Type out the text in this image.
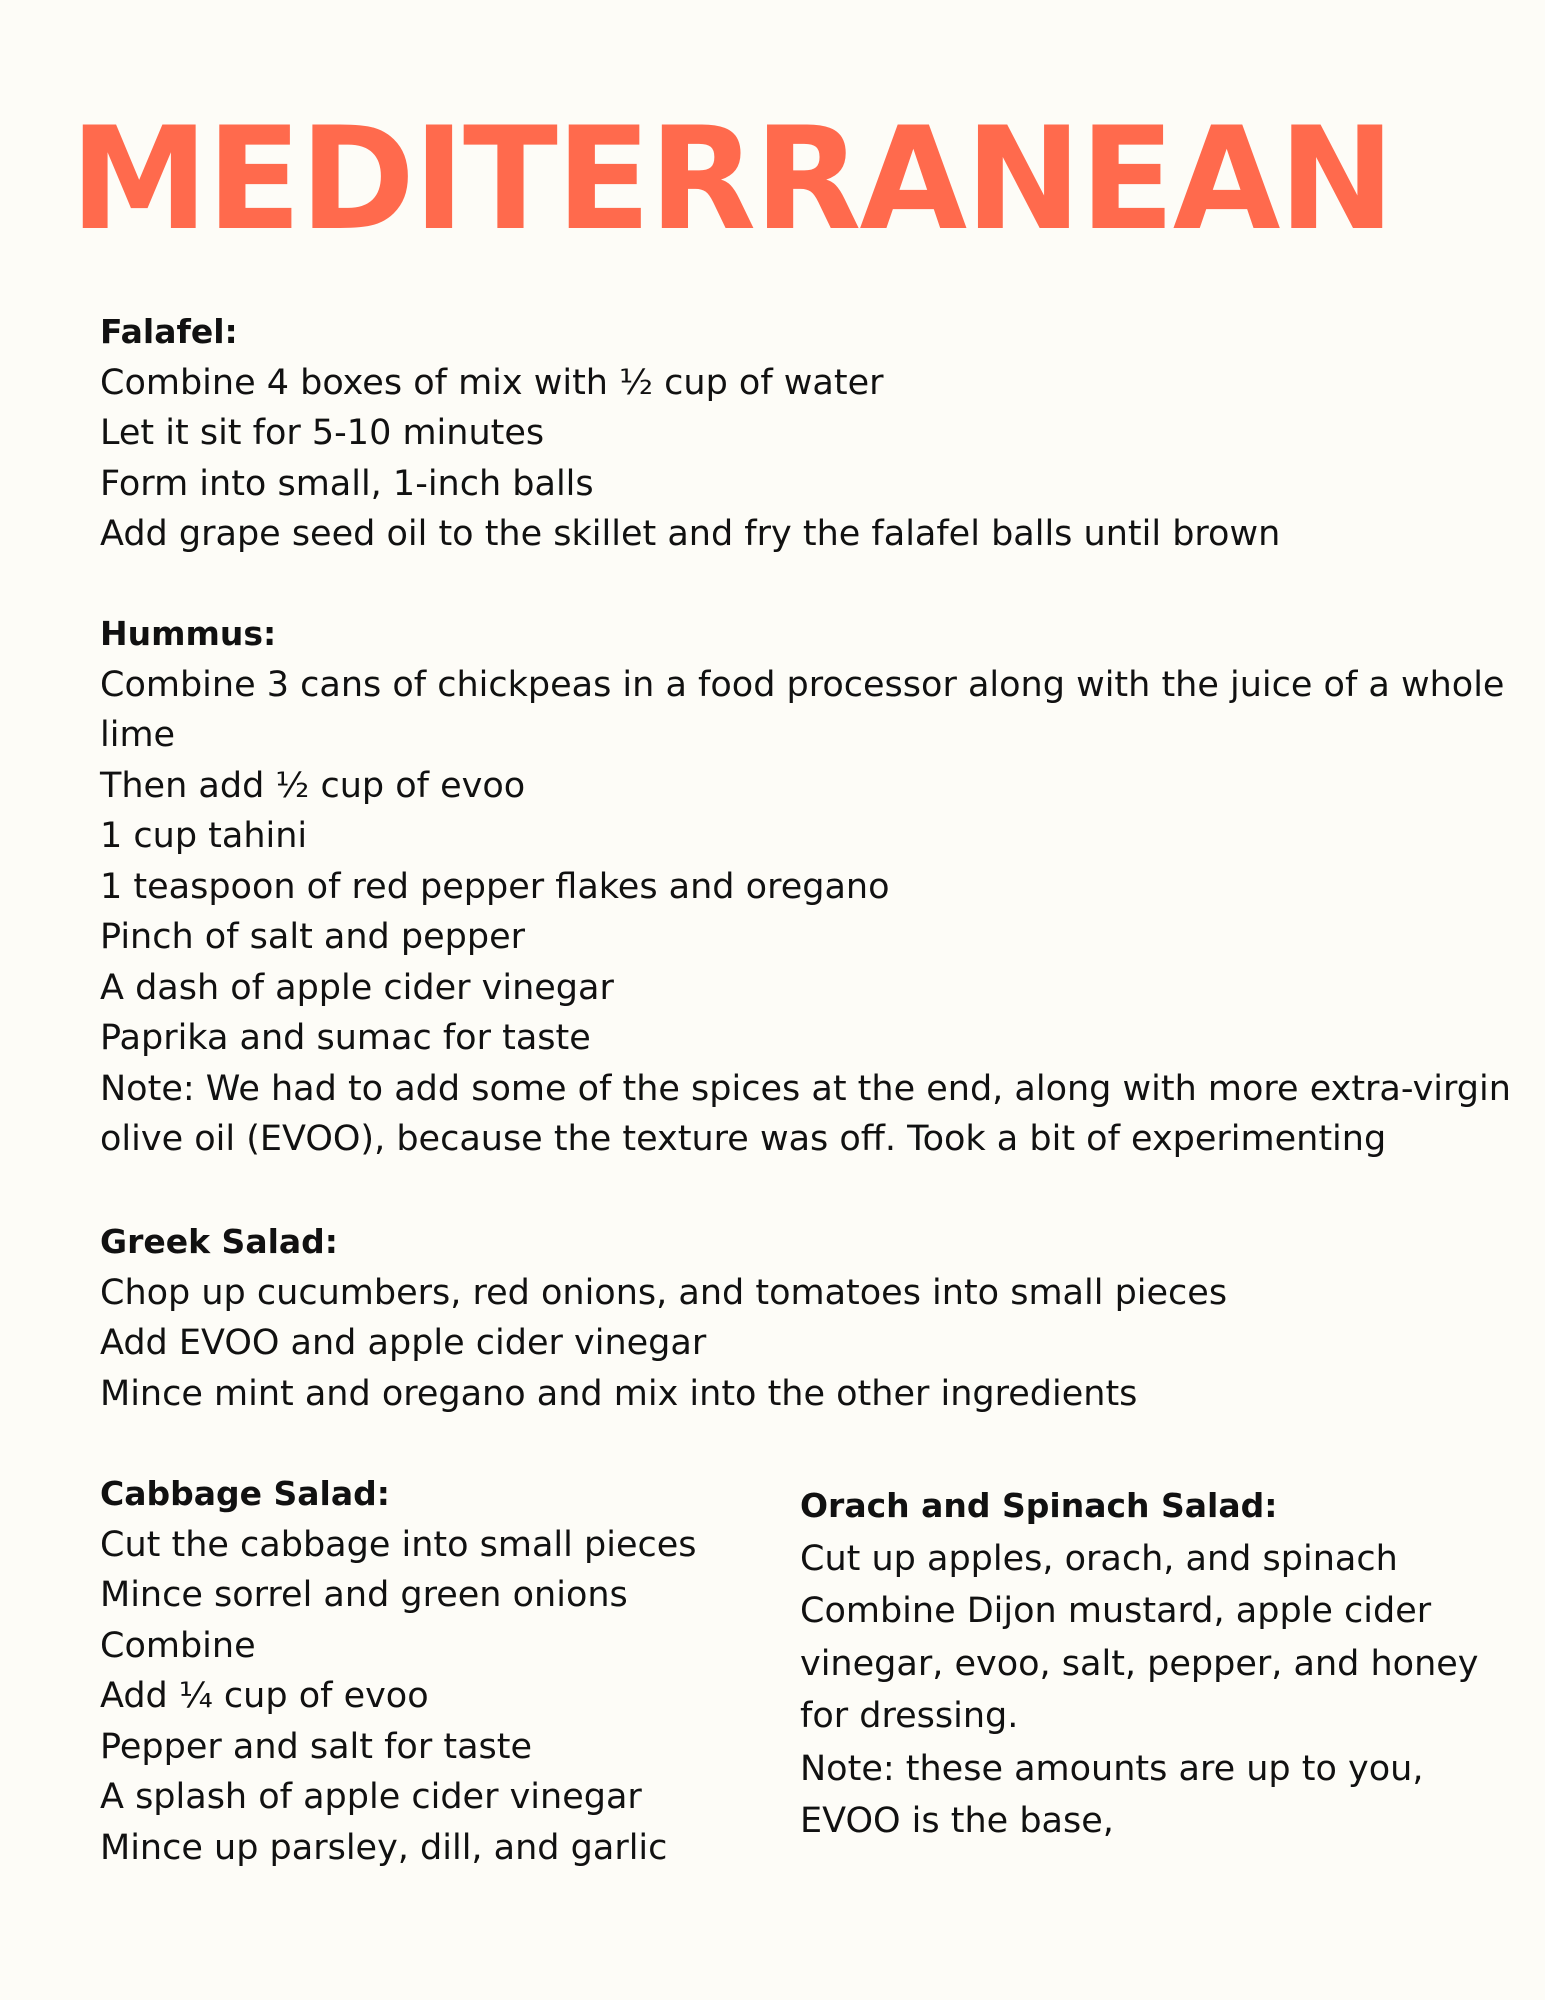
MEDITERRANEAN
Falafel:
Combine 4 boxes of mix with ½ cup of water
Let it sit for 5-10 minutes
Form into small, 1-inch balls
Add grape seed oil to the skillet and fry the falafel balls until brown
Hummus:
Combine 3 cans of chickpeas in a food processor along with the juice of a whole lime
Then add ½ cup of evoo
1 cup tahini
1 teaspoon of red pepper flakes and oregano
Pinch of salt and pepper
A dash of apple cider vinegar
Paprika and sumac for taste
Note: We had to add some of the spices at the end, along with more extra-virgin olive oil (EVOO), because the texture was off. Took a bit of experimenting
Greek Salad:
Chop up cucumbers, red onions, and tomatoes into small pieces
Add EVOO and apple cider vinegar
Mince mint and oregano and mix into the other ingredients
Cabbage Salad:
Cut the cabbage into small pieces
Mince sorrel and green onions
Combine
Add ¼ cup of evoo
Pepper and salt for taste
A splash of apple cider vinegar
Mince up parsley, dill, and garlic
Orach and Spinach Salad:
Cut up apples, orach, and spinach
Combine Dijon mustard, apple cider vinegar, evoo, salt, pepper, and honey for dressing.
Note: these amounts are up to you, EVOO is the base,
